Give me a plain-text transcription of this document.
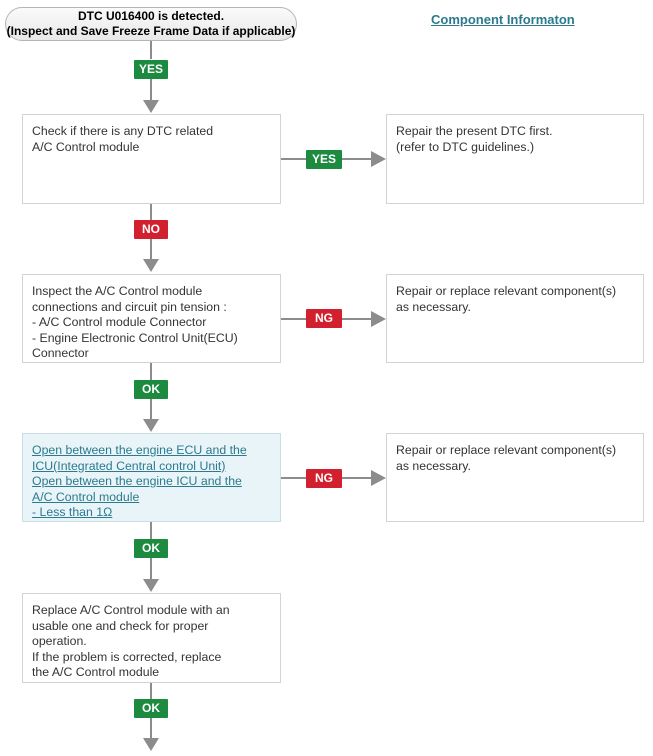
DTC U016400 is detected.
(Inspect and Save Freeze Frame Data if applicable)
Component Informaton
YES
Check if there is any DTC related
A/C Control module
YES
Repair the present DTC first.
(refer to DTC guidelines.)
NO
Inspect the A/C Control module
connections and circuit pin tension :
- A/C Control module Connector
- Engine Electronic Control Unit(ECU)
Connector
NG
Repair or replace relevant component(s)
as necessary.
OK
Open between the engine ECU and the
ICU(Integrated Central control Unit)
Open between the engine ICU and the
A/C Control module
- Less than 1Ω
NG
Repair or replace relevant component(s)
as necessary.
OK
Replace A/C Control module with an
usable one and check for proper
operation.
If the problem is corrected, replace
the A/C Control module
OK
